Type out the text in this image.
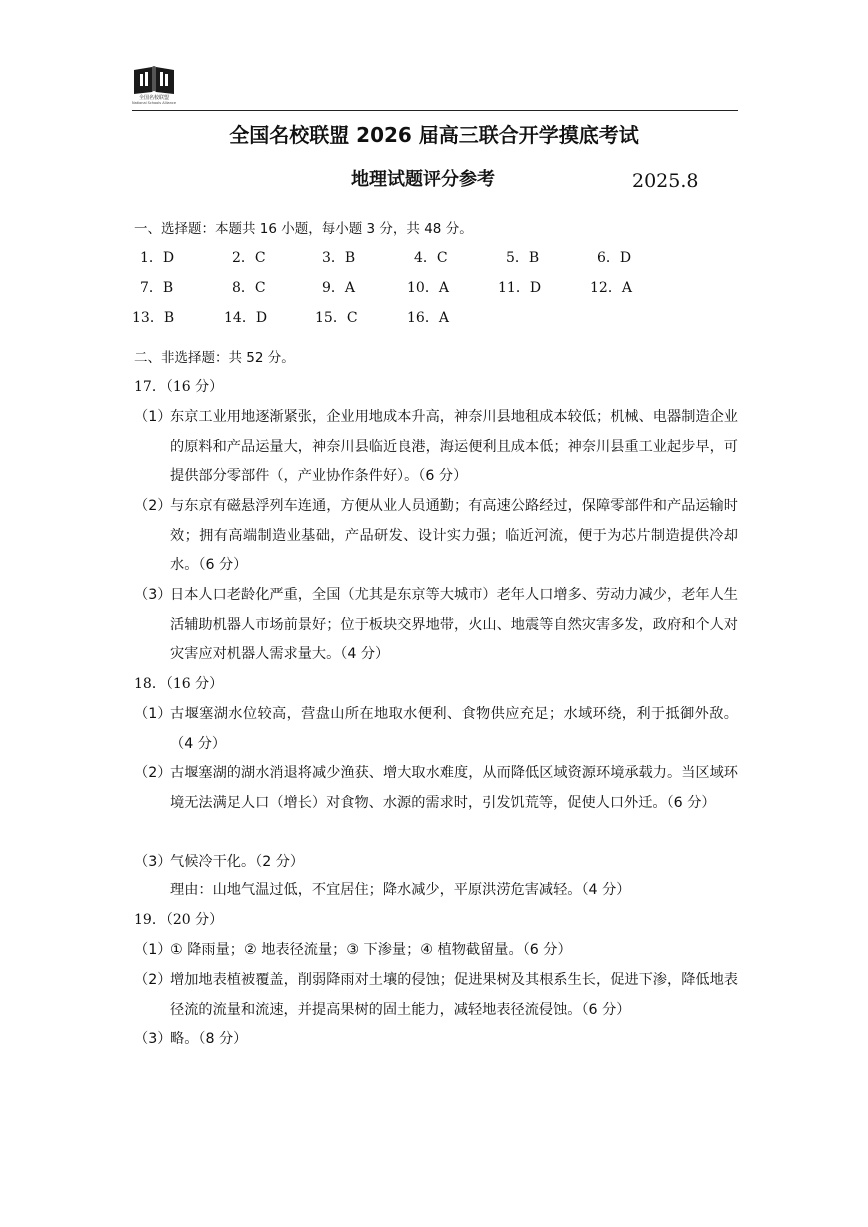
全国名校联盟
National Schools Alliance
全国名校联盟 2026 届高三联合开学摸底考试
地理试题评分参考	2025.8
一、选择题：本题共 16 小题，每小题 3 分，共 48 分。
1．D	2．C	3．B	4．C	5．B	6．D
7．B	8．C	9．A	10．A	11．D	12．A
13．B	14．D	15．C	16．A
二、非选择题：共 52 分。
17．（16 分）
（1）
东京工业用地逐渐紧张，企业用地成本升高，神奈川县地租成本较低；机械、电器制造企业的原料和产品运量大，神奈川县临近良港，海运便利且成本低；神奈川县重工业起步早，可提供部分零部件（，产业协作条件好）。（6 分）
（2）
与东京有磁悬浮列车连通，方便从业人员通勤；有高速公路经过，保障零部件和产品运输时效；拥有高端制造业基础，产品研发、设计实力强；临近河流，便于为芯片制造提供冷却水。（6 分）
（3）
日本人口老龄化严重，全国（尤其是东京等大城市）老年人口增多、劳动力减少，老年人生活辅助机器人市场前景好；位于板块交界地带，火山、地震等自然灾害多发，政府和个人对灾害应对机器人需求量大。（4 分）
18．（16 分）
（1）
古堰塞湖水位较高，营盘山所在地取水便利、食物供应充足；水域环绕，利于抵御外敌。（4 分）
（2）
古堰塞湖的湖水消退将减少渔获、增大取水难度，从而降低区域资源环境承载力。当区域环境无法满足人口（增长）对食物、水源的需求时，引发饥荒等，促使人口外迁。（6 分）
（3）
气候冷干化。（2 分）
理由：山地气温过低，不宜居住；降水减少，平原洪涝危害减轻。（4 分）
19．（20 分）
（1）
① 降雨量；② 地表径流量；③ 下渗量；④ 植物截留量。（6 分）
（2）
增加地表植被覆盖，削弱降雨对土壤的侵蚀；促进果树及其根系生长，促进下渗，降低地表径流的流量和流速，并提高果树的固土能力，减轻地表径流侵蚀。（6 分）
（3）
略。（8 分）
